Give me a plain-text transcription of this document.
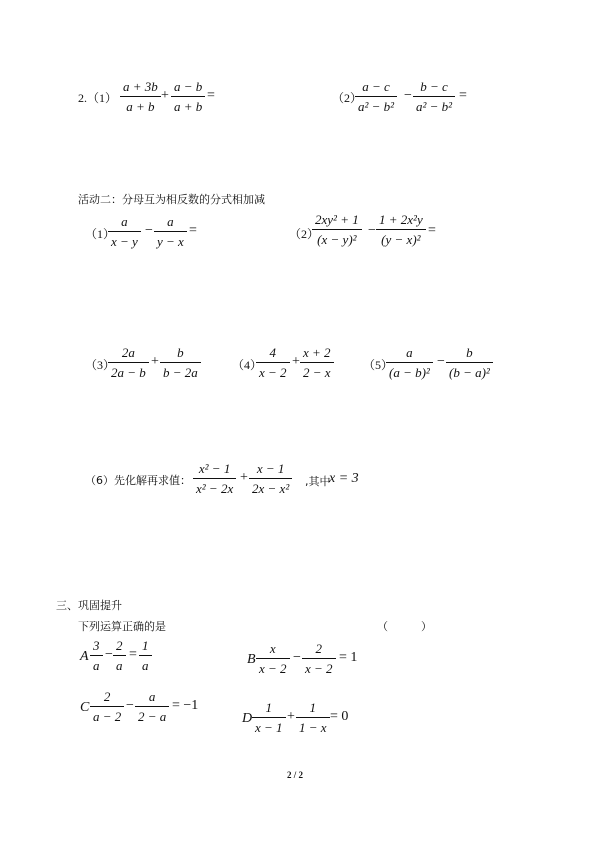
2.（1）
a + 3b
a + b
+
a − b
a + b
=	（2）
a − c
a² − b²
−
b − c
a² − b²
=
活动二：分母互为相反数的分式相加减
（1）
a
x − y
−
a
y − x
=	（2）
2xy² + 1
(x − y)²
−
1 + 2x²y
(y − x)²
=
（3）
2a
2a − b
+
b
b − 2a	（4）
4
x − 2
+
x + 2
2 − x	（5）
a
(a − b)²
−
b
(b − a)²
（6）先化解再求值：
x² − 1
x² − 2x
+
x − 1
2x − x² ,其中
x = 3
三、巩固提升
下列运算正确的是	（　　　）
A
3
a
−
2
a
=
1
a	B
x
x − 2
−
2
x − 2
= 1
C
2
a − 2
−
a
2 − a
= −1
D
1
x − 1
+
1
1 − x
= 0
2 / 2
